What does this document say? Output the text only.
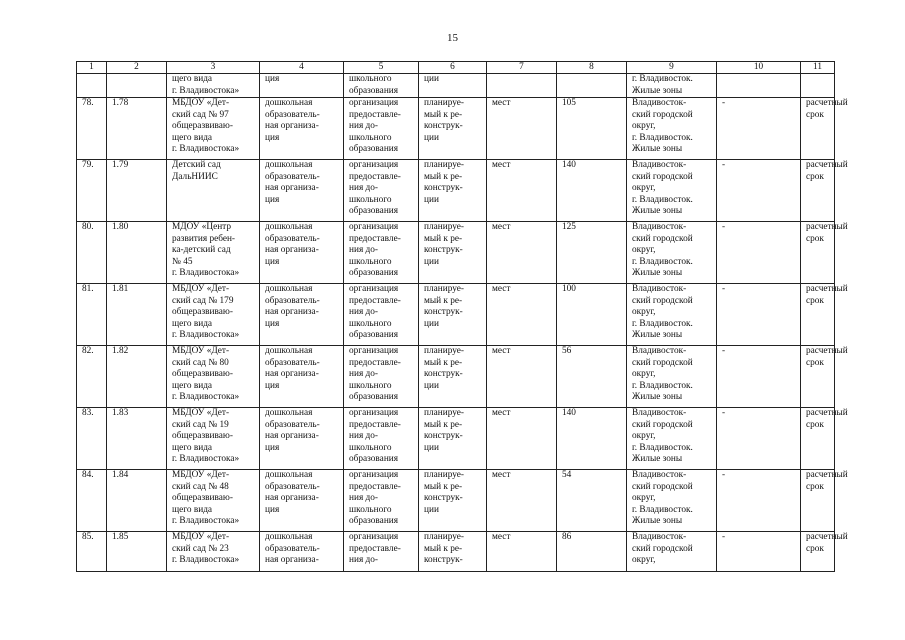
15
1	2	3	4	5	6	7	8	9	10	11
		щего вида
г. Владивостока»	ция	школьного
образования	ции			г. Владивосток.
Жилые зоны		
78.	1.78	МБДОУ «Дет-
ский сад № 97
общеразвиваю-
щего вида
г. Владивостока»	дошкольная
образователь-
ная организа-
ция	организация
предоставле-
ния до-
школьного
образования	планируе-
мый к ре-
конструк-
ции	мест	105	Владивосток-
ский городской
округ,
г. Владивосток.
Жилые зоны	-	расчетный
срок
79.	1.79	Детский сад
ДальНИИС	дошкольная
образователь-
ная организа-
ция	организация
предоставле-
ния до-
школьного
образования	планируе-
мый к ре-
конструк-
ции	мест	140	Владивосток-
ский городской
округ,
г. Владивосток.
Жилые зоны	-	расчетный
срок
80.	1.80	МДОУ «Центр
развития ребен-
ка-детский сад
№ 45
г. Владивостока»	дошкольная
образователь-
ная организа-
ция	организация
предоставле-
ния до-
школьного
образования	планируе-
мый к ре-
конструк-
ции	мест	125	Владивосток-
ский городской
округ,
г. Владивосток.
Жилые зоны	-	расчетный
срок
81.	1.81	МБДОУ «Дет-
ский сад № 179
общеразвиваю-
щего вида
г. Владивостока»	дошкольная
образователь-
ная организа-
ция	организация
предоставле-
ния до-
школьного
образования	планируе-
мый к ре-
конструк-
ции	мест	100	Владивосток-
ский городской
округ,
г. Владивосток.
Жилые зоны	-	расчетный
срок
82.	1.82	МБДОУ «Дет-
ский сад № 80
общеразвиваю-
щего вида
г. Владивостока»	дошкольная
образователь-
ная организа-
ция	организация
предоставле-
ния до-
школьного
образования	планируе-
мый к ре-
конструк-
ции	мест	56	Владивосток-
ский городской
округ,
г. Владивосток.
Жилые зоны	-	расчетный
срок
83.	1.83	МБДОУ «Дет-
ский сад № 19
общеразвиваю-
щего вида
г. Владивостока»	дошкольная
образователь-
ная организа-
ция	организация
предоставле-
ния до-
школьного
образования	планируе-
мый к ре-
конструк-
ции	мест	140	Владивосток-
ский городской
округ,
г. Владивосток.
Жилые зоны	-	расчетный
срок
84.	1.84	МБДОУ «Дет-
ский сад № 48
общеразвиваю-
щего вида
г. Владивостока»	дошкольная
образователь-
ная организа-
ция	организация
предоставле-
ния до-
школьного
образования	планируе-
мый к ре-
конструк-
ции	мест	54	Владивосток-
ский городской
округ,
г. Владивосток.
Жилые зоны	-	расчетный
срок
85.	1.85	МБДОУ «Дет-
ский сад № 23
г. Владивостока»	дошкольная
образователь-
ная организа-	организация
предоставле-
ния до-	планируе-
мый к ре-
конструк-	мест	86	Владивосток-
ский городской
округ,	-	расчетный
срок
